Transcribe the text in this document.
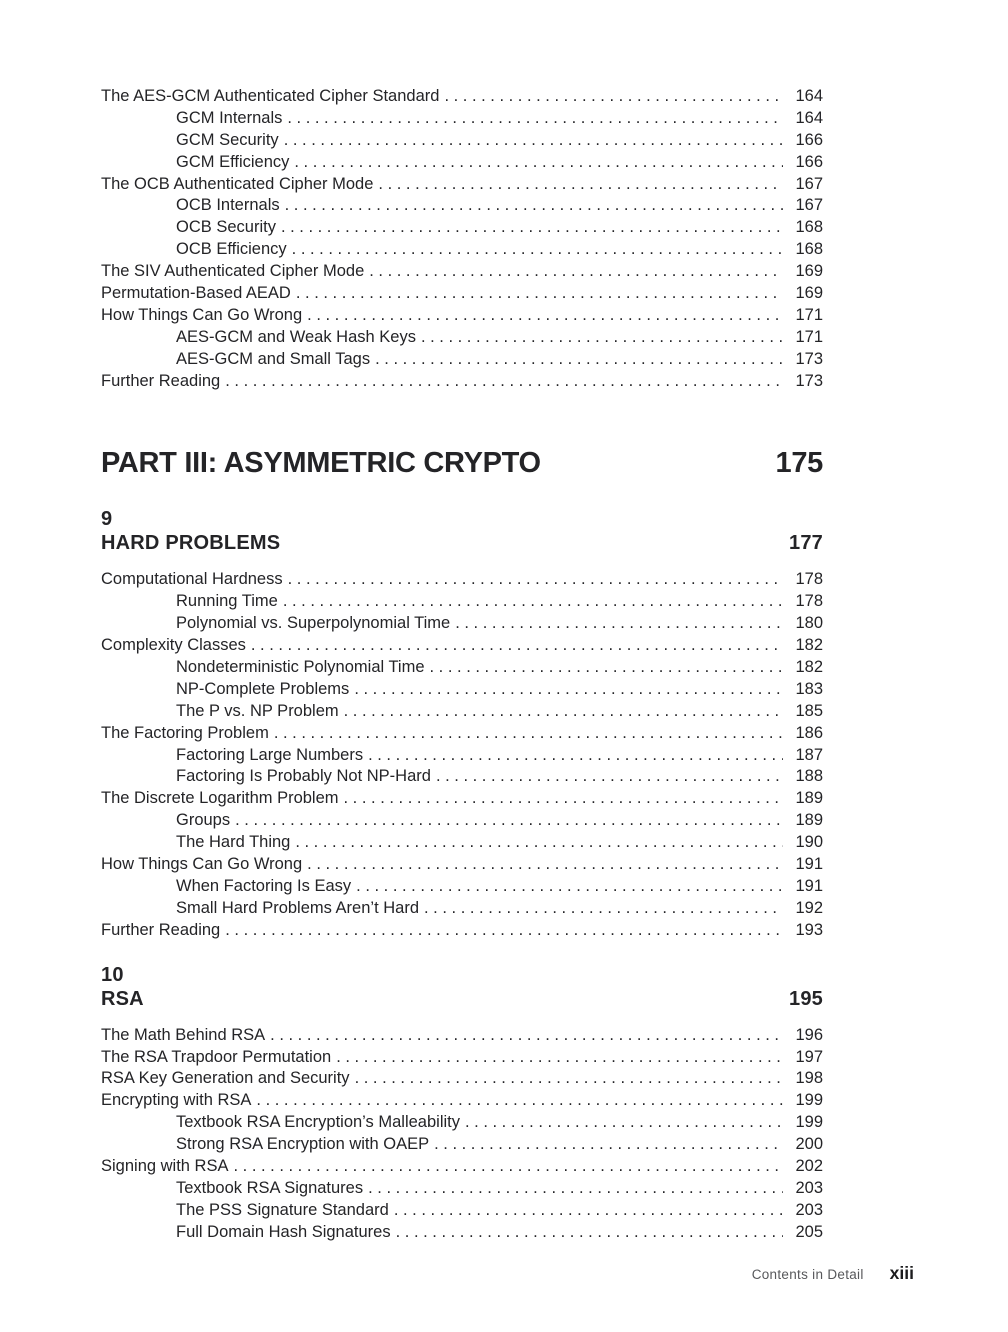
The AES-GCM Authenticated Cipher Standard . . .	164
GCM Internals . . .	164
GCM Security . . .	166
GCM Efficiency . . .	166
The OCB Authenticated Cipher Mode . . .	167
OCB Internals . . .	167
OCB Security . . .	168
OCB Efficiency . . .	168
The SIV Authenticated Cipher Mode . . .	169
Permutation-Based AEAD . . .	169
How Things Can Go Wrong . . .	171
AES-GCM and Weak Hash Keys . . .	171
AES-GCM and Small Tags . . .	173
Further Reading . . .	173
PART III: ASYMMETRIC CRYPTO	175
9
HARD PROBLEMS	177
Computational Hardness . . .	178
Running Time . . .	178
Polynomial vs. Superpolynomial Time . . .	180
Complexity Classes . . .	182
Nondeterministic Polynomial Time . . .	182
NP-Complete Problems . . .	183
The P vs. NP Problem . . .	185
The Factoring Problem . . .	186
Factoring Large Numbers . . .	187
Factoring Is Probably Not NP-Hard . . .	188
The Discrete Logarithm Problem . . .	189
Groups . . .	189
The Hard Thing . . .	190
How Things Can Go Wrong . . .	191
When Factoring Is Easy . . .	191
Small Hard Problems Aren’t Hard . . .	192
Further Reading . . .	193
10
RSA	195
The Math Behind RSA . . .	196
The RSA Trapdoor Permutation . . .	197
RSA Key Generation and Security . . .	198
Encrypting with RSA . . .	199
Textbook RSA Encryption’s Malleability . . .	199
Strong RSA Encryption with OAEP . . .	200
Signing with RSA . . .	202
Textbook RSA Signatures . . .	203
The PSS Signature Standard . . .	203
Full Domain Hash Signatures . . .	205
Contents in Detail xiii
